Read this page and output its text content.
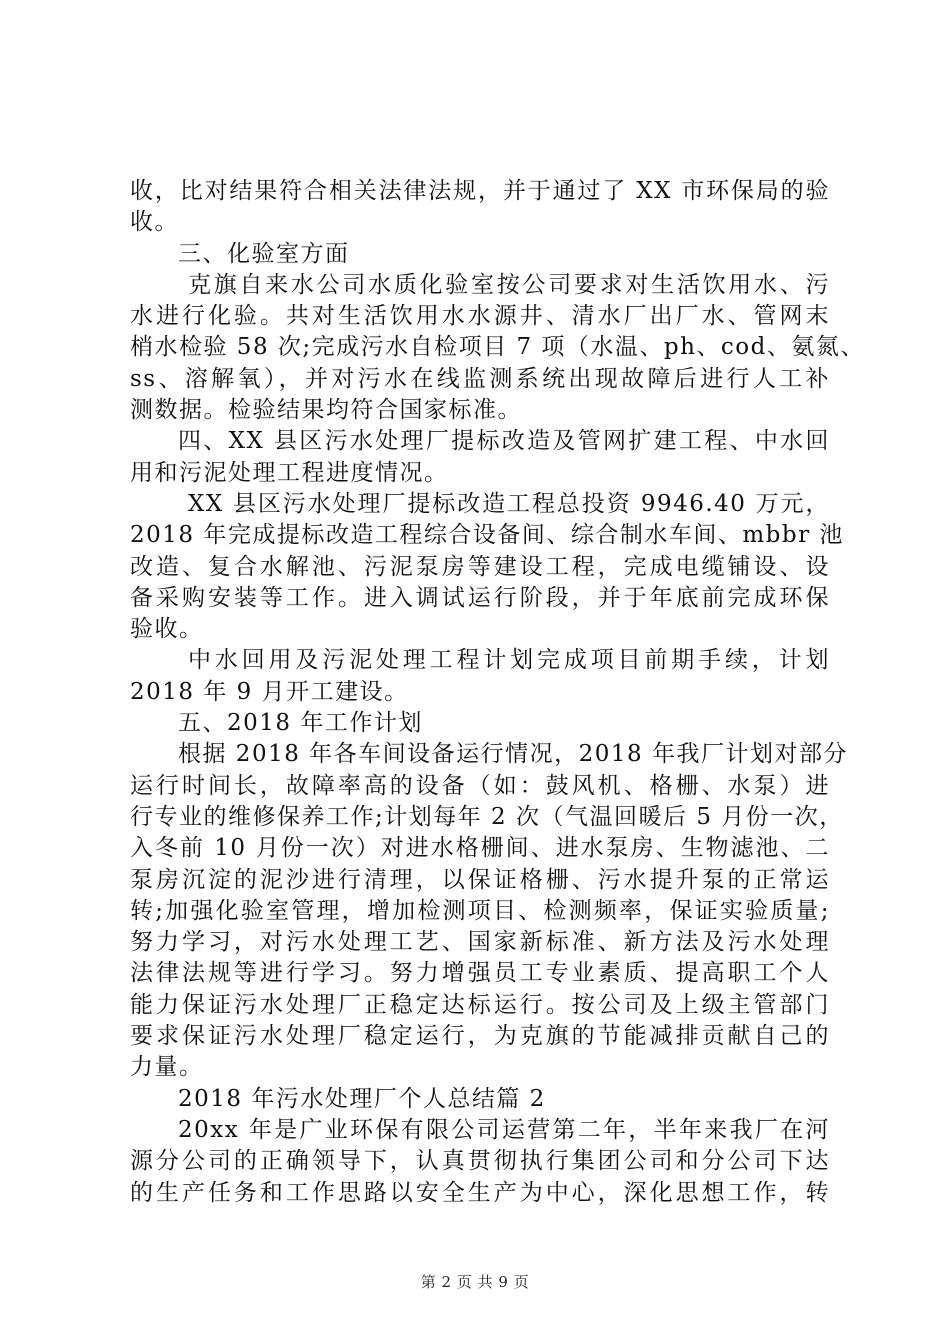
收，比对结果符合相关法律法规，并于通过了 XX 市环保局的验
收。

三、化验室方面

克旗自来水公司水质化验室按公司要求对生活饮用水、污
水进行化验。共对生活饮用水水源井、清水厂出厂水、管网末
梢水检验 58 次;完成污水自检项目 7 项（水温、ph、cod、氨氮、
ss、溶解氧），并对污水在线监测系统出现故障后进行人工补
测数据。检验结果均符合国家标准。

四、XX 县区污水处理厂提标改造及管网扩建工程、中水回
用和污泥处理工程进度情况。

XX 县区污水处理厂提标改造工程总投资 9946.40 万元，
2018 年完成提标改造工程综合设备间、综合制水车间、mbbr 池
改造、复合水解池、污泥泵房等建设工程，完成电缆铺设、设
备采购安装等工作。进入调试运行阶段，并于年底前完成环保
验收。

中水回用及污泥处理工程计划完成项目前期手续，计划
2018 年 9 月开工建设。

五、2018 年工作计划

根据 2018 年各车间设备运行情况，2018 年我厂计划对部分
运行时间长，故障率高的设备（如：鼓风机、格栅、水泵）进
行专业的维修保养工作;计划每年 2 次（气温回暖后 5 月份一次，
入冬前 10 月份一次）对进水格栅间、进水泵房、生物滤池、二
泵房沉淀的泥沙进行清理，以保证格栅、污水提升泵的正常运
转;加强化验室管理，增加检测项目、检测频率，保证实验质量;
努力学习，对污水处理工艺、国家新标准、新方法及污水处理
法律法规等进行学习。努力增强员工专业素质、提高职工个人
能力保证污水处理厂正稳定达标运行。按公司及上级主管部门
要求保证污水处理厂稳定运行，为克旗的节能减排贡献自己的
力量。

2018 年污水处理厂个人总结篇 2

20xx 年是广业环保有限公司运营第二年，半年来我厂在河
源分公司的正确领导下，认真贯彻执行集团公司和分公司下达
的生产任务和工作思路以安全生产为中心，深化思想工作，转

第 2 页 共 9 页
